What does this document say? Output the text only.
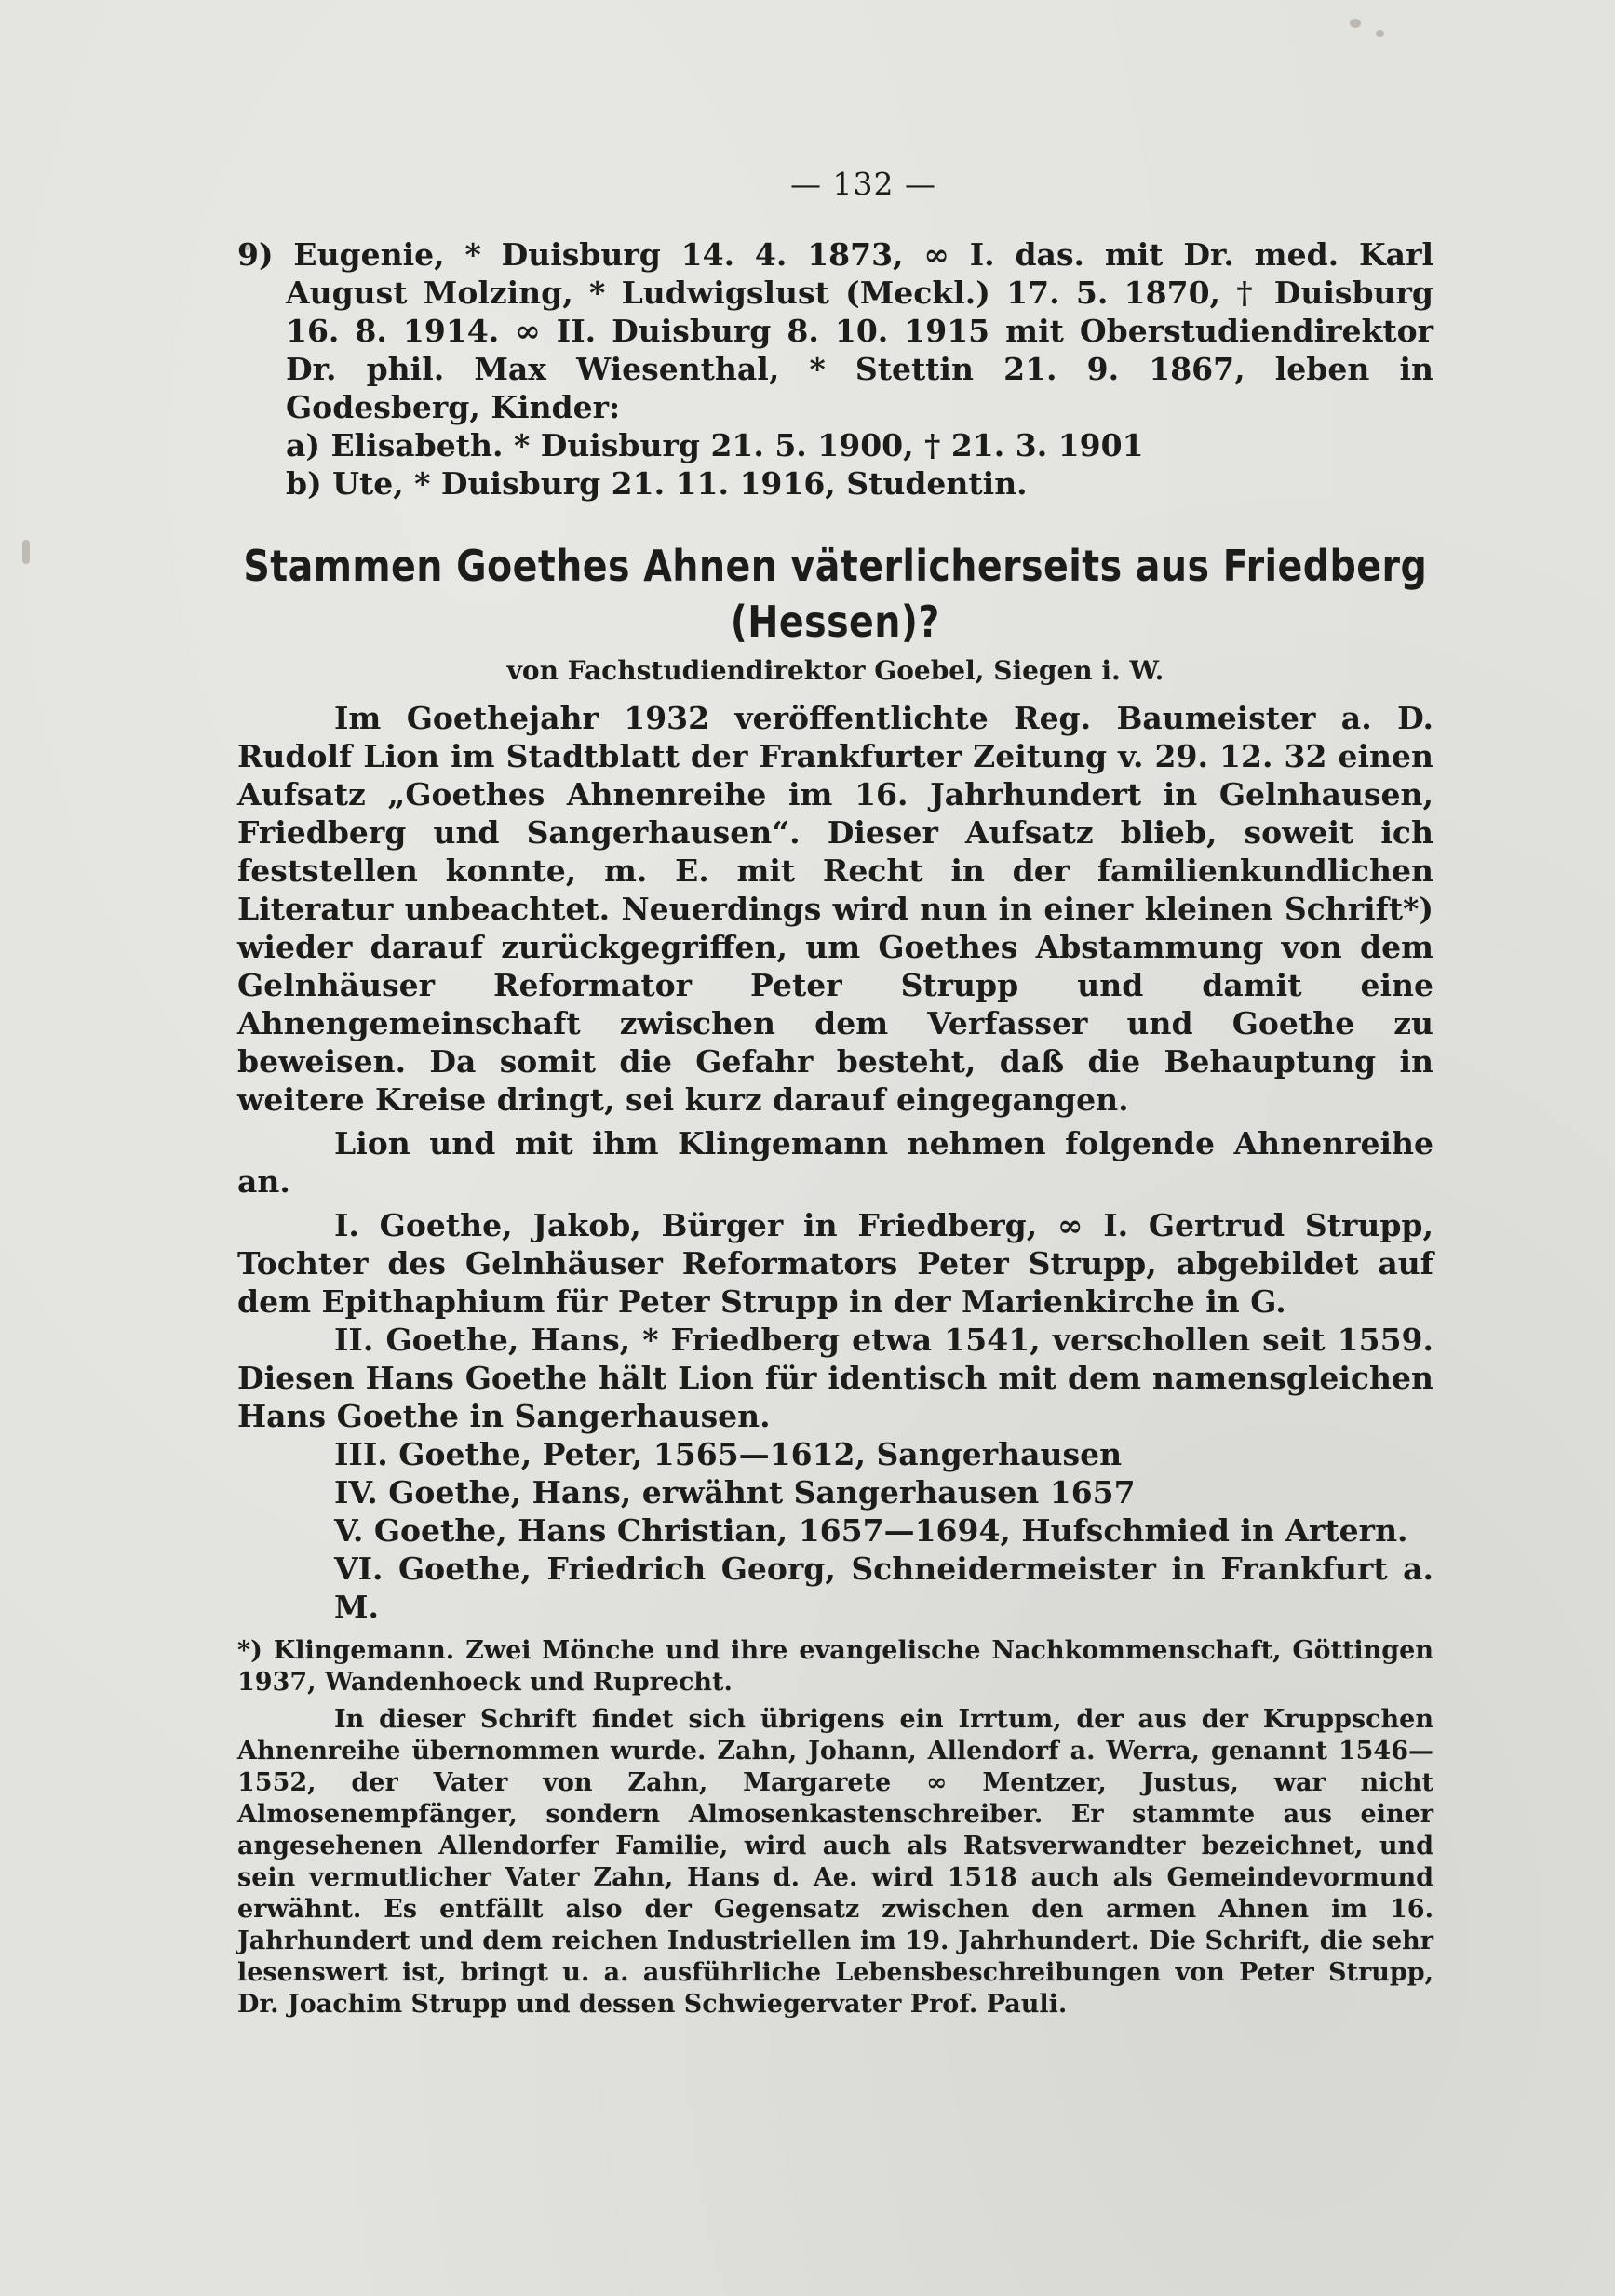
— 132 —

9) Eugenie, * Duisburg 14. 4. 1873, ∞ I. das. mit Dr. med. Karl August Molzing, * Ludwigslust (Meckl.) 17. 5. 1870, † Duisburg 16. 8. 1914. ∞ II. Duisburg 8. 10. 1915 mit Oberstudiendirektor Dr. phil. Max Wiesenthal, * Stettin 21. 9. 1867, leben in Godesberg, Kinder:

a) Elisabeth. * Duisburg 21. 5. 1900, † 21. 3. 1901

b) Ute, * Duisburg 21. 11. 1916, Studentin.

Stammen Goethes Ahnen väterlicherseits aus Friedberg
(Hessen)?
von Fachstudiendirektor Goebel, Siegen i. W.

Im Goethejahr 1932 veröffentlichte Reg. Baumeister a. D. Rudolf Lion im Stadtblatt der Frankfurter Zeitung v. 29. 12. 32 einen Aufsatz „Goethes Ahnenreihe im 16. Jahrhundert in Gelnhausen, Friedberg und Sangerhausen“. Dieser Aufsatz blieb, soweit ich feststellen konnte, m. E. mit Recht in der familienkundlichen Literatur unbeachtet. Neuerdings wird nun in einer kleinen Schrift*) wieder darauf zurückgegriffen, um Goethes Abstammung von dem Gelnhäuser Reformator Peter Strupp und damit eine Ahnengemeinschaft zwischen dem Verfasser und Goethe zu beweisen. Da somit die Gefahr besteht, daß die Behauptung in weitere Kreise dringt, sei kurz darauf eingegangen.

Lion und mit ihm Klingemann nehmen folgende Ahnenreihe an.

I. Goethe, Jakob, Bürger in Friedberg, ∞ I. Gertrud Strupp, Tochter des Gelnhäuser Reformators Peter Strupp, abgebildet auf dem Epithaphium für Peter Strupp in der Marienkirche in G.

II. Goethe, Hans, * Friedberg etwa 1541, verschollen seit 1559. Diesen Hans Goethe hält Lion für identisch mit dem namensgleichen Hans Goethe in Sangerhausen.

III. Goethe, Peter, 1565—1612, Sangerhausen

IV. Goethe, Hans, erwähnt Sangerhausen 1657

V. Goethe, Hans Christian, 1657—1694, Hufschmied in Artern.

VI. Goethe, Friedrich Georg, Schneidermeister in Frankfurt a. M.

*) Klingemann. Zwei Mönche und ihre evangelische Nachkommenschaft, Göttingen 1937, Wandenhoeck und Ruprecht.

In dieser Schrift findet sich übrigens ein Irrtum, der aus der Kruppschen Ahnenreihe übernommen wurde. Zahn, Johann, Allendorf a. Werra, genannt 1546—1552, der Vater von Zahn, Margarete ∞ Mentzer, Justus, war nicht Almosenempfänger, sondern Almosenkastenschreiber. Er stammte aus einer angesehenen Allendorfer Familie, wird auch als Ratsverwandter bezeichnet, und sein vermutlicher Vater Zahn, Hans d. Ae. wird 1518 auch als Gemeindevormund erwähnt. Es entfällt also der Gegensatz zwischen den armen Ahnen im 16. Jahrhundert und dem reichen Industriellen im 19. Jahrhundert. Die Schrift, die sehr lesenswert ist, bringt u. a. ausführliche Lebensbeschreibungen von Peter Strupp, Dr. Joachim Strupp und dessen Schwiegervater Prof. Pauli.
